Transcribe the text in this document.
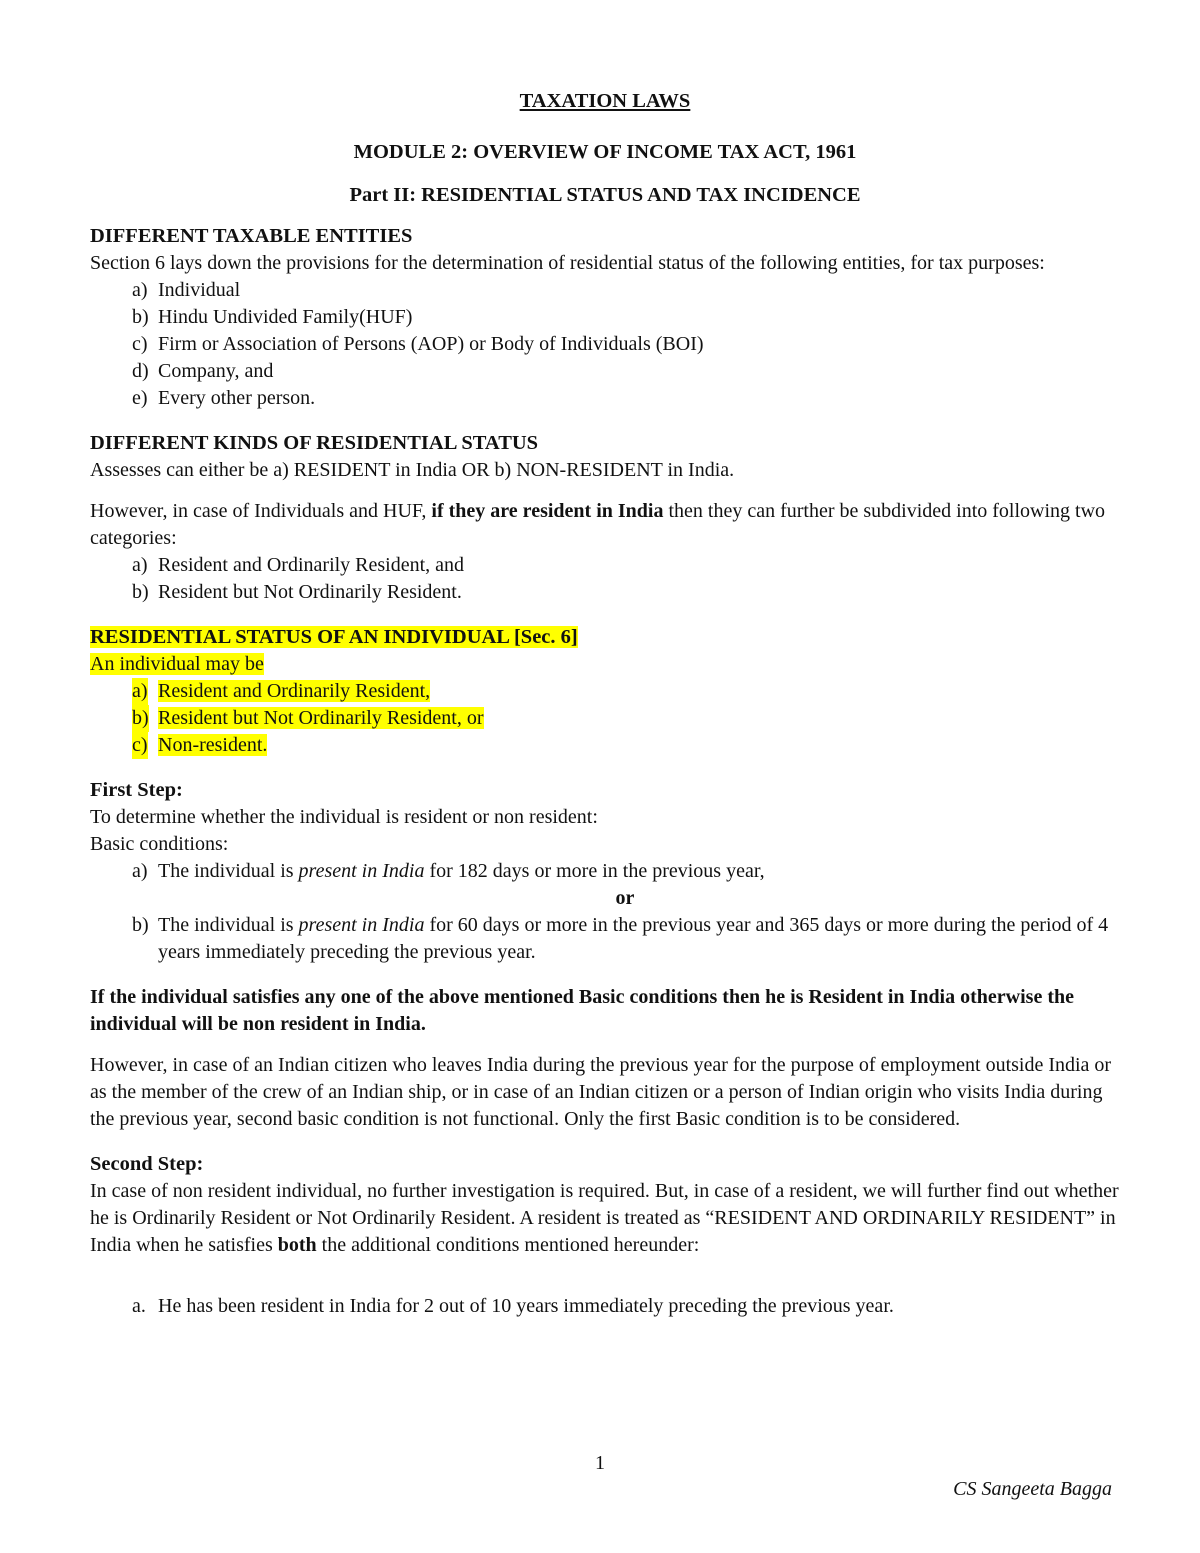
TAXATION LAWS
MODULE 2: OVERVIEW OF INCOME TAX ACT, 1961
Part II: RESIDENTIAL STATUS AND TAX INCIDENCE
DIFFERENT TAXABLE ENTITIES

Section 6 lays down the provisions for the determination of residential status of the following entities, for tax purposes:

a) Individual
b) Hindu Undivided Family(HUF)
c) Firm or Association of Persons (AOP) or Body of Individuals (BOI)
d) Company, and
e) Every other person.
DIFFERENT KINDS OF RESIDENTIAL STATUS

Assesses can either be a) RESIDENT in India OR b) NON-RESIDENT in India.

However, in case of Individuals and HUF, if they are resident in India then they can further be subdivided into following two categories:

a) Resident and Ordinarily Resident, and
b) Resident but Not Ordinarily Resident.
RESIDENTIAL STATUS OF AN INDIVIDUAL [Sec. 6]

An individual may be

a) Resident and Ordinarily Resident,
b) Resident but Not Ordinarily Resident, or
c) Non-resident.
First Step:

To determine whether the individual is resident or non resident:

Basic conditions:

a) The individual is present in India for 182 days or more in the previous year,
or
b) The individual is present in India for 60 days or more in the previous year and 365 days or more during the period of 4 years immediately preceding the previous year.

If the individual satisfies any one of the above mentioned Basic conditions then he is Resident in India otherwise the individual will be non resident in India.

However, in case of an Indian citizen who leaves India during the previous year for the purpose of employment outside India or as the member of the crew of an Indian ship, or in case of an Indian citizen or a person of Indian origin who visits India during the previous year, second basic condition is not functional. Only the first Basic condition is to be considered.

Second Step:

In case of non resident individual, no further investigation is required. But, in case of a resident, we will further find out whether he is Ordinarily Resident or Not Ordinarily Resident. A resident is treated as “RESIDENT AND ORDINARILY RESIDENT” in India when he satisfies both the additional conditions mentioned hereunder:

a. He has been resident in India for 2 out of 10 years immediately preceding the previous year.
1
CS Sangeeta Bagga
